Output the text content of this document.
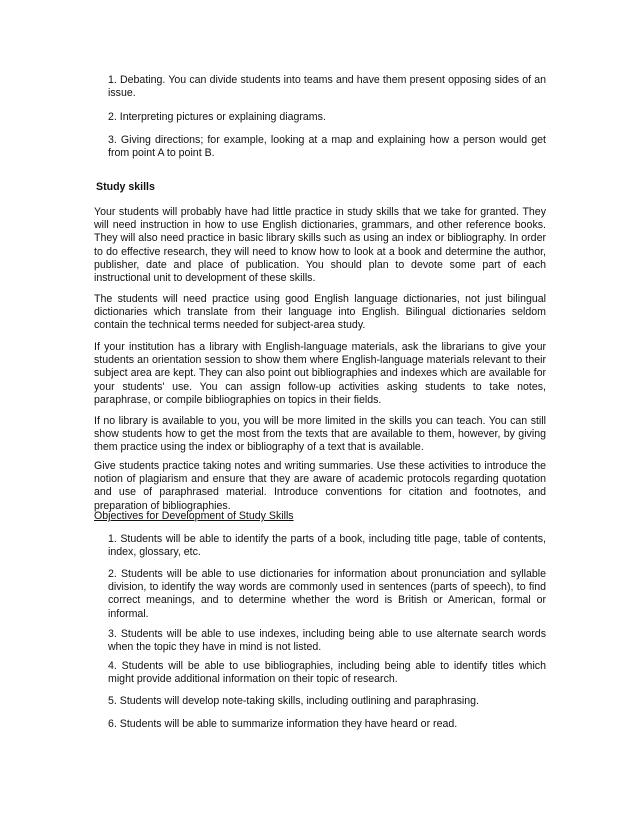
1. Debating. You can divide students into teams and have them present opposing sides of an issue.

2. Interpreting pictures or explaining diagrams.

3. Giving directions; for example, looking at a map and explaining how a person would get from point A to point B.

Study skills

Your students will probably have had little practice in study skills that we take for granted. They will need instruction in how to use English dictionaries, grammars, and other reference books. They will also need practice in basic library skills such as using an index or bibliography. In order to do effective research, they will need to know how to look at a book and determine the author, publisher, date and place of publication. You should plan to devote some part of each instructional unit to development of these skills.

The students will need practice using good English language dictionaries, not just bilingual dictionaries which translate from their language into English. Bilingual dictionaries seldom contain the technical terms needed for subject-area study.

If your institution has a library with English-language materials, ask the librarians to give your students an orientation session to show them where English-language materials relevant to their subject area are kept. They can also point out bibliographies and indexes which are available for your students' use. You can assign follow-up activities asking students to take notes, paraphrase, or compile bibliographies on topics in their fields.

If no library is available to you, you will be more limited in the skills you can teach. You can still show students how to get the most from the texts that are available to them, however, by giving them practice using the index or bibliography of a text that is available.

Give students practice taking notes and writing summaries. Use these activities to introduce the notion of plagiarism and ensure that they are aware of academic protocols regarding quotation and use of paraphrased material. Introduce conventions for citation and footnotes, and preparation of bibliographies.

Objectives for Development of Study Skills

1. Students will be able to identify the parts of a book, including title page, table of contents, index, glossary, etc.

2. Students will be able to use dictionaries for information about pronunciation and syllable division, to identify the way words are commonly used in sentences (parts of speech), to find correct meanings, and to determine whether the word is British or American, formal or informal.

3. Students will be able to use indexes, including being able to use alternate search words when the topic they have in mind is not listed.

4. Students will be able to use bibliographies, including being able to identify titles which might provide additional information on their topic of research.

5. Students will develop note-taking skills, including outlining and paraphrasing.

6. Students will be able to summarize information they have heard or read.
